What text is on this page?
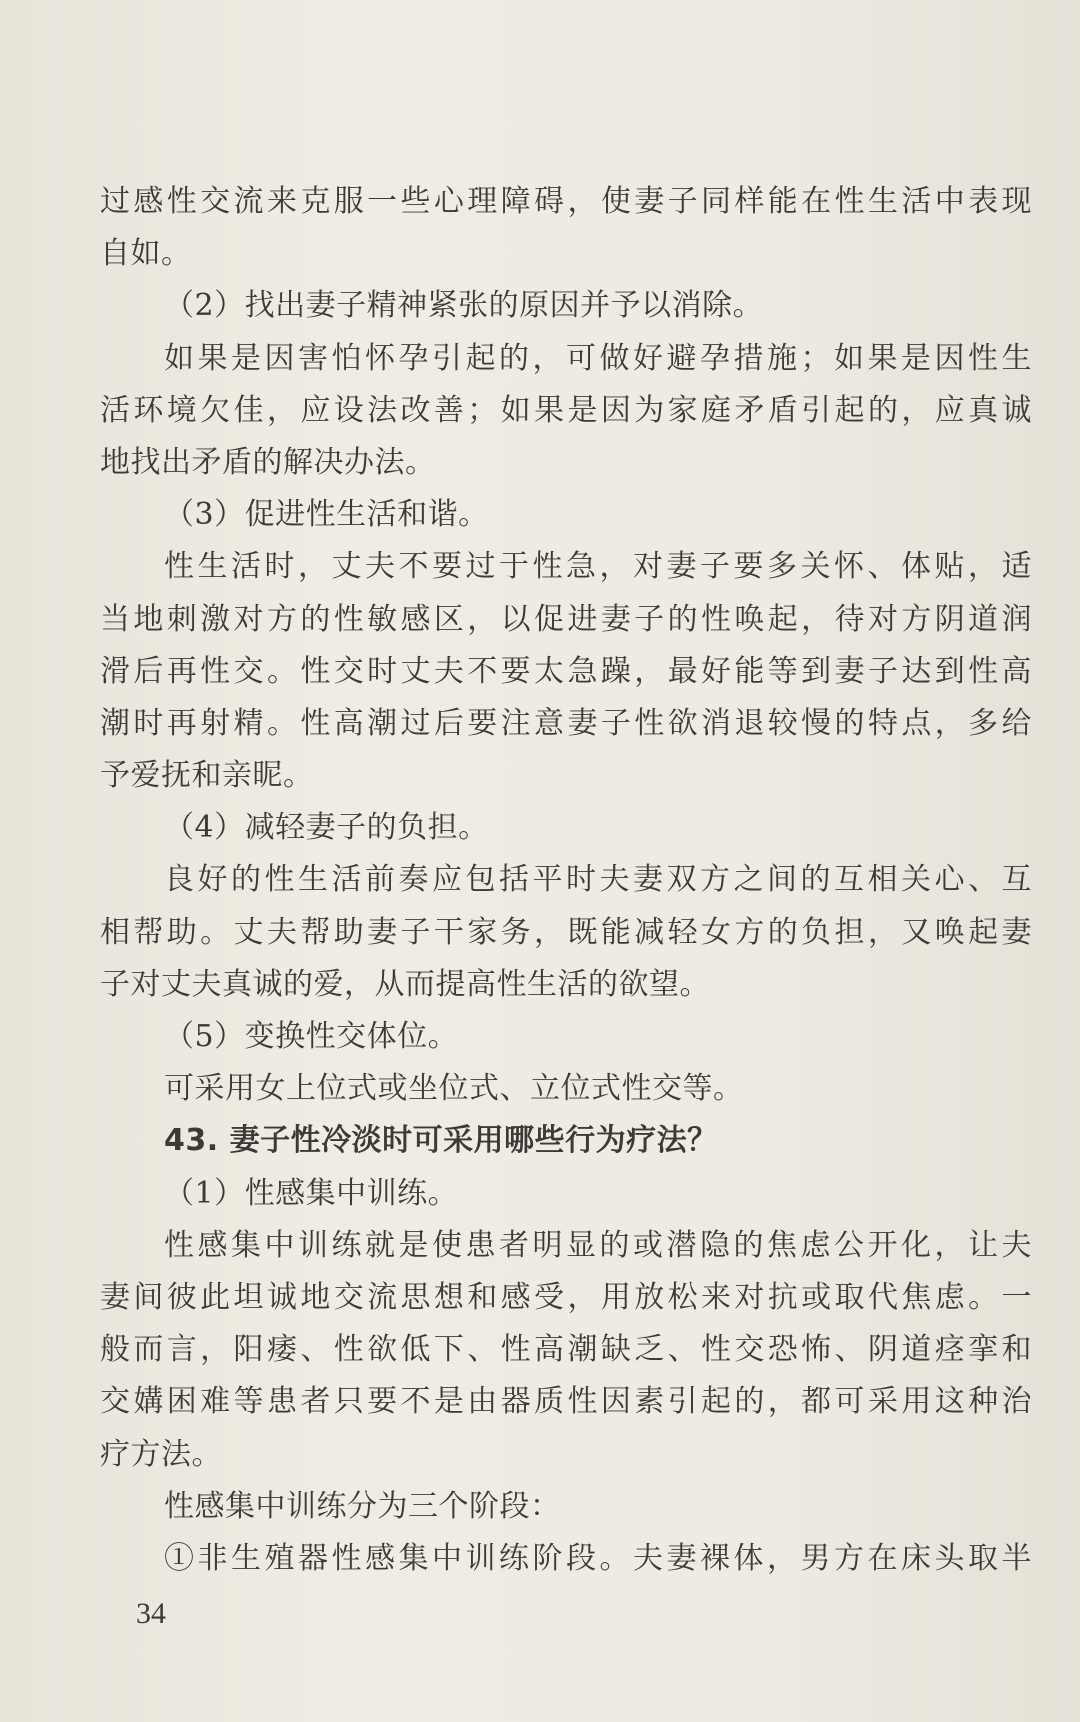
过感性交流来克服一些心理障碍，使妻子同样能在性生活中表现
自如。
（2）找出妻子精神紧张的原因并予以消除。
如果是因害怕怀孕引起的，可做好避孕措施；如果是因性生
活环境欠佳，应设法改善；如果是因为家庭矛盾引起的，应真诚
地找出矛盾的解决办法。
（3）促进性生活和谐。
性生活时，丈夫不要过于性急，对妻子要多关怀、体贴，适
当地刺激对方的性敏感区，以促进妻子的性唤起，待对方阴道润
滑后再性交。性交时丈夫不要太急躁，最好能等到妻子达到性高
潮时再射精。性高潮过后要注意妻子性欲消退较慢的特点，多给
予爱抚和亲昵。
（4）减轻妻子的负担。
良好的性生活前奏应包括平时夫妻双方之间的互相关心、互
相帮助。丈夫帮助妻子干家务，既能减轻女方的负担，又唤起妻
子对丈夫真诚的爱，从而提高性生活的欲望。
（5）变换性交体位。
可采用女上位式或坐位式、立位式性交等。
43. 妻子性冷淡时可采用哪些行为疗法？
（1）性感集中训练。
性感集中训练就是使患者明显的或潜隐的焦虑公开化，让夫
妻间彼此坦诚地交流思想和感受，用放松来对抗或取代焦虑。一
般而言，阳痿、性欲低下、性高潮缺乏、性交恐怖、阴道痉挛和
交媾困难等患者只要不是由器质性因素引起的，都可采用这种治
疗方法。
性感集中训练分为三个阶段：
①非生殖器性感集中训练阶段。夫妻裸体，男方在床头取半
34
